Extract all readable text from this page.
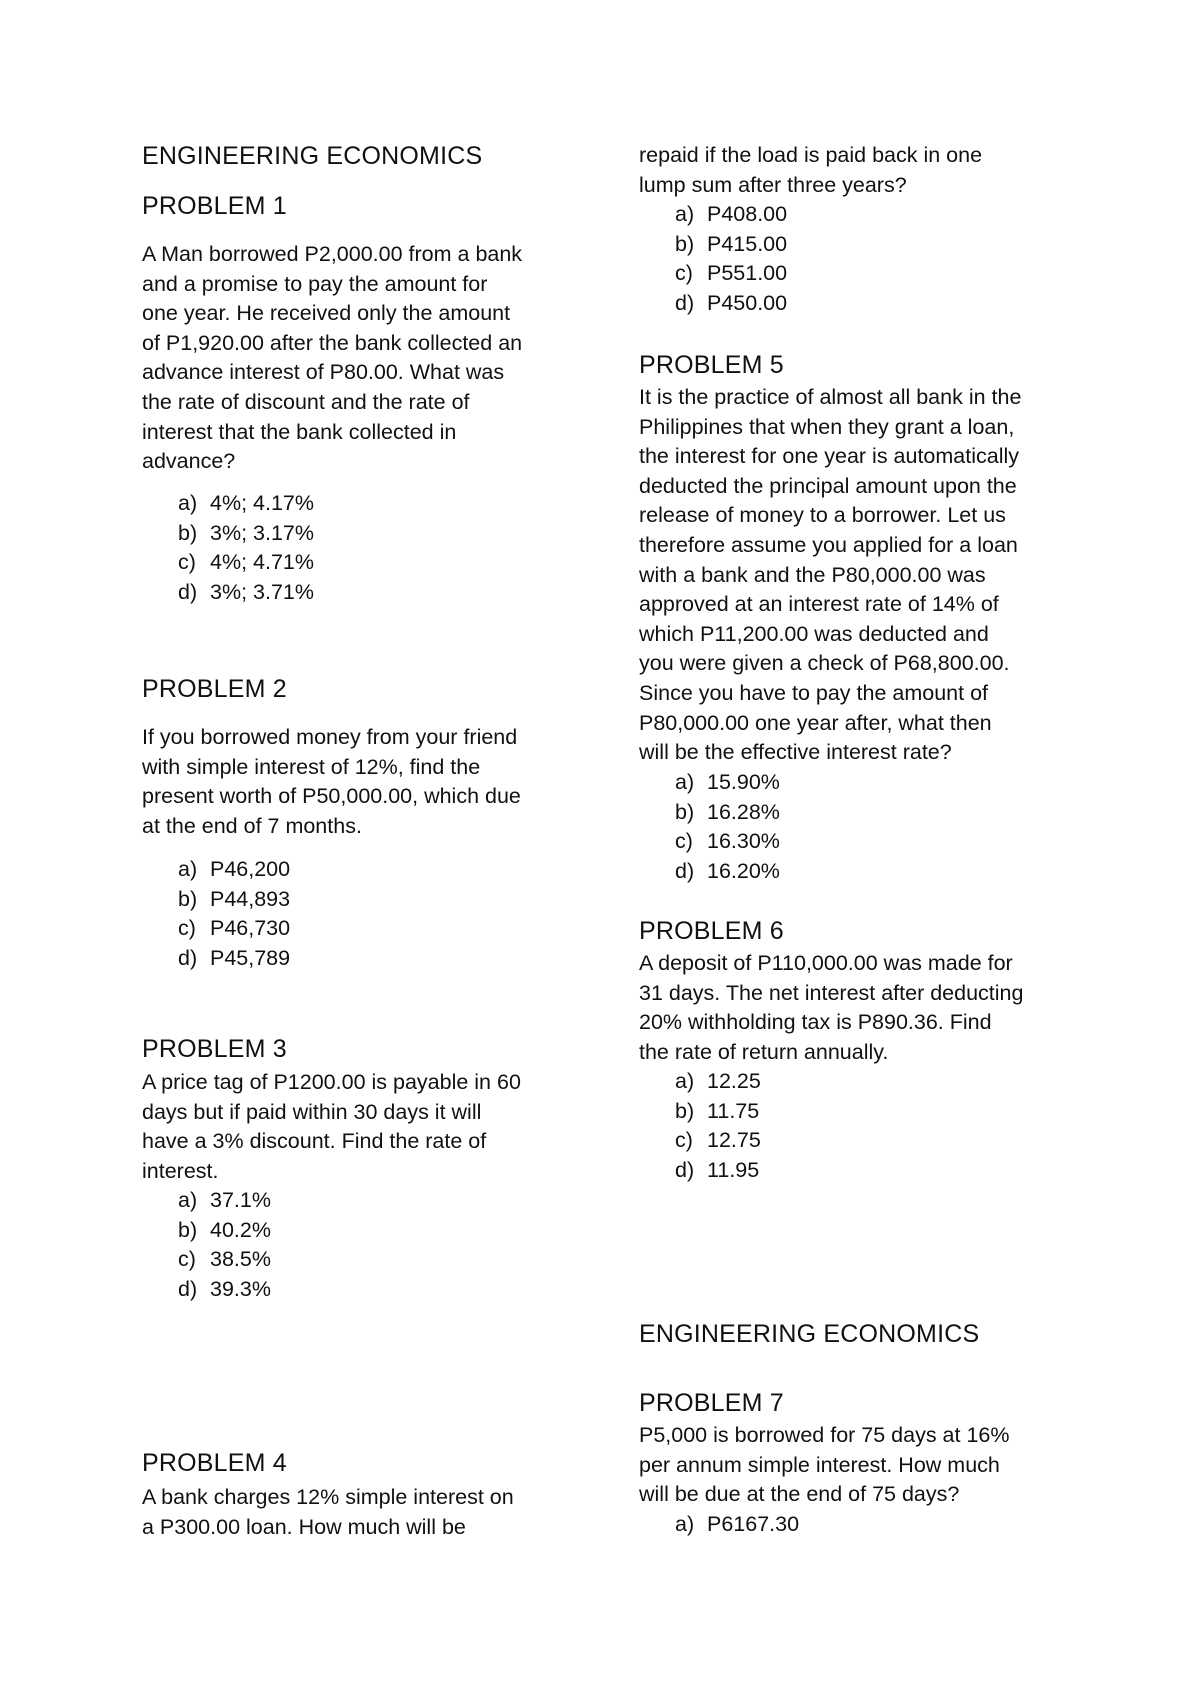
ENGINEERING ECONOMICS
PROBLEM 1
A Man borrowed P2,000.00 from a bank
and a promise to pay the amount for
one year. He received only the amount
of P1,920.00 after the bank collected an
advance interest of P80.00. What was
the rate of discount and the rate of
interest that the bank collected in
advance?
a) 4%; 4.17%
b) 3%; 3.17%
c) 4%; 4.71%
d) 3%; 3.71%
PROBLEM 2
If you borrowed money from your friend
with simple interest of 12%, find the
present worth of P50,000.00, which due
at the end of 7 months.
a) P46,200
b) P44,893
c) P46,730
d) P45,789
PROBLEM 3
A price tag of P1200.00 is payable in 60
days but if paid within 30 days it will
have a 3% discount. Find the rate of
interest.
a) 37.1%
b) 40.2%
c) 38.5%
d) 39.3%
PROBLEM 4
A bank charges 12% simple interest on
a P300.00 loan. How much will be
repaid if the load is paid back in one
lump sum after three years?
a) P408.00
b) P415.00
c) P551.00
d) P450.00
PROBLEM 5
It is the practice of almost all bank in the
Philippines that when they grant a loan,
the interest for one year is automatically
deducted the principal amount upon the
release of money to a borrower. Let us
therefore assume you applied for a loan
with a bank and the P80,000.00 was
approved at an interest rate of 14% of
which P11,200.00 was deducted and
you were given a check of P68,800.00.
Since you have to pay the amount of
P80,000.00 one year after, what then
will be the effective interest rate?
a) 15.90%
b) 16.28%
c) 16.30%
d) 16.20%
PROBLEM 6
A deposit of P110,000.00 was made for
31 days. The net interest after deducting
20% withholding tax is P890.36. Find
the rate of return annually.
a) 12.25
b) 11.75
c) 12.75
d) 11.95
ENGINEERING ECONOMICS
PROBLEM 7
P5,000 is borrowed for 75 days at 16%
per annum simple interest. How much
will be due at the end of 75 days?
a) P6167.30
